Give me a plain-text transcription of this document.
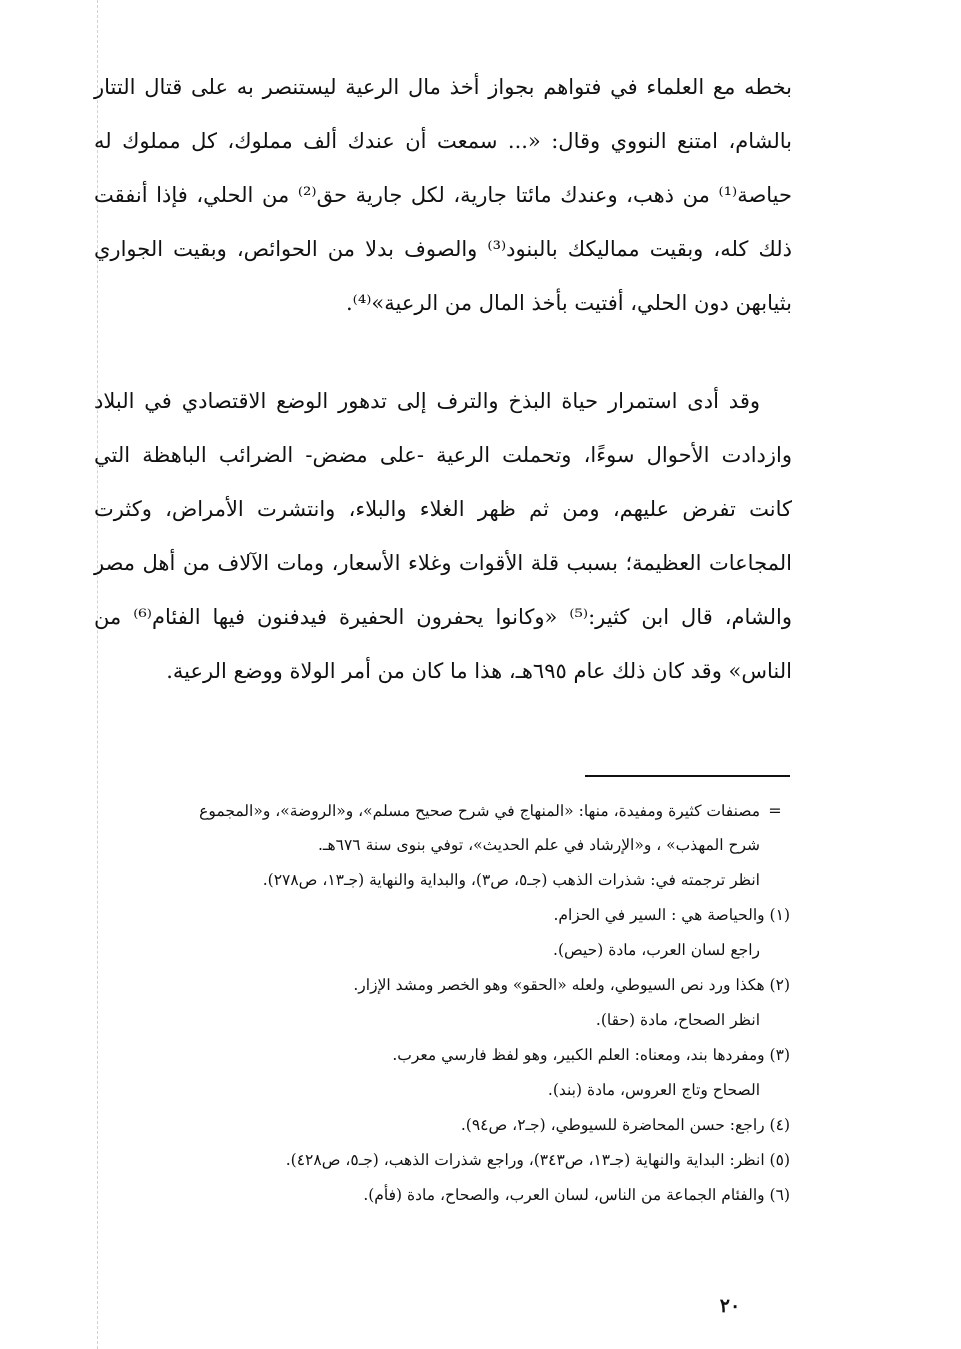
بخطه مع العلماء في فتواهم بجواز أخذ مال الرعية ليستنصر به على قتال التتار بالشام، امتنع النووي وقال: «... سمعت أن عندك ألف مملوك، كل مملوك له حياصة⁽¹⁾ من ذهب، وعندك مائتا جارية، لكل جارية حق⁽²⁾ من الحلي، فإذا أنفقت ذلك كله، وبقيت مماليكك بالبنود⁽³⁾ والصوف بدلا من الحوائص، وبقيت الجواري بثيابهن دون الحلي، أفتيت بأخذ المال من الرعية»⁽⁴⁾.

وقد أدى استمرار حياة البذخ والترف إلى تدهور الوضع الاقتصادي في البلاد وازدادت الأحوال سوءًا، وتحملت الرعية -على مضض- الضرائب الباهظة التي كانت تفرض عليهم، ومن ثم ظهر الغلاء والبلاء، وانتشرت الأمراض، وكثرت المجاعات العظيمة؛ بسبب قلة الأقوات وغلاء الأسعار، ومات الآلاف من أهل مصر والشام، قال ابن كثير:⁽⁵⁾ «وكانوا يحفرون الحفيرة فيدفنون فيها الفئام⁽⁶⁾ من الناس» وقد كان ذلك عام ٦٩٥هـ، هذا ما كان من أمر الولاة ووضع الرعية.

=مصنفات كثيرة ومفيدة، منها: «المنهاج في شرح صحيح مسلم»، و«الروضة»، و«المجموع
شرح المهذب» ، و«الإرشاد في علم الحديث»، توفي بنوى سنة ٦٧٦هـ.
انظر ترجمته في: شذرات الذهب (جـ٥، ص٣)، والبداية والنهاية (جـ١٣، ص٢٧٨).
(١) والحياصة هي : السير في الحزام.
راجع لسان العرب، مادة (حيص).
(٢) هكذا ورد نص السيوطي، ولعله «الحقو» وهو الخصر ومشد الإزار.
انظر الصحاح، مادة (حقا).
(٣) ومفردها بند، ومعناه: العلم الكبير، وهو لفظ فارسي معرب.
الصحاح وتاج العروس، مادة (بند).
(٤) راجع: حسن المحاضرة للسيوطي، (جـ٢، ص٩٤).
(٥) انظر: البداية والنهاية (جـ١٣، ص٣٤٣)، وراجع شذرات الذهب، (جـ٥، ص٤٢٨).
(٦) والفئام الجماعة من الناس، لسان العرب، والصحاح، مادة (فأم).
٢٠
